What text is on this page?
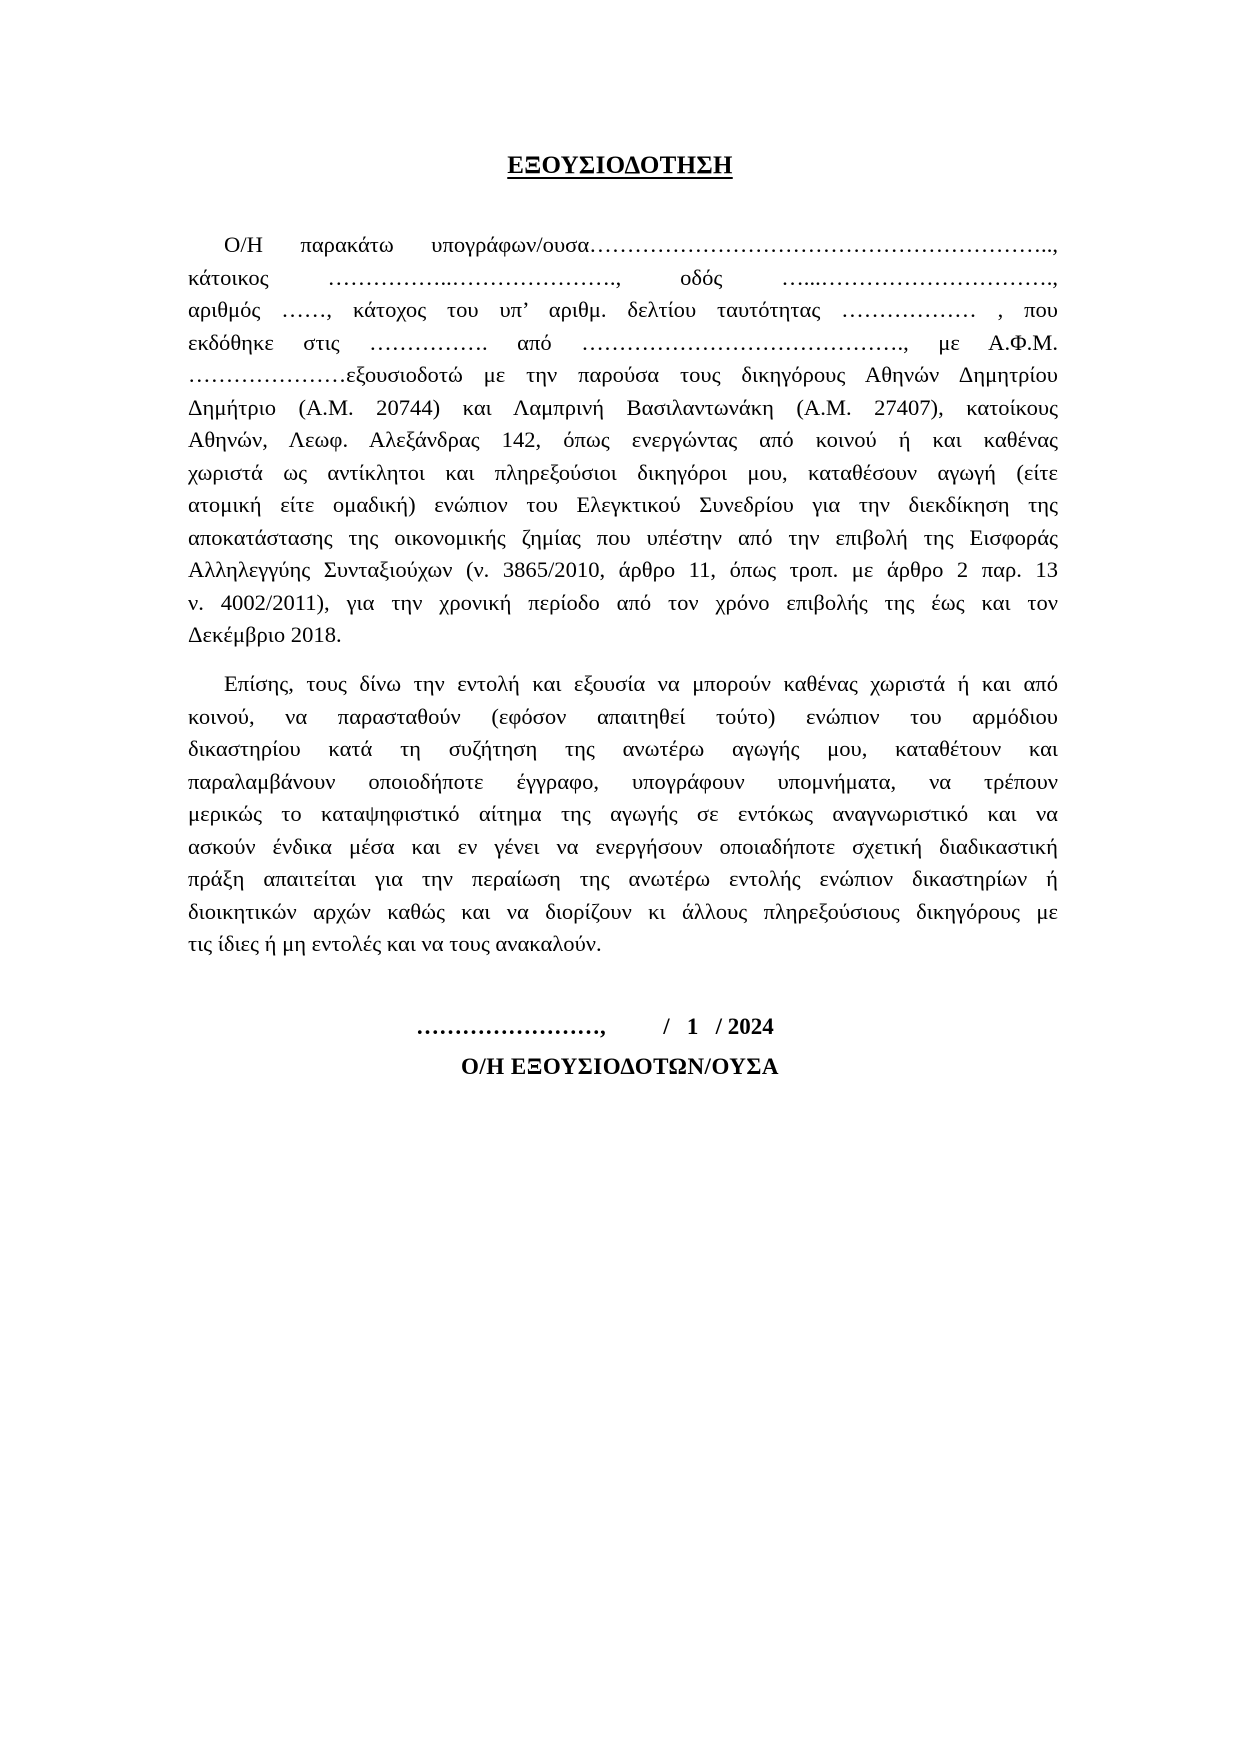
ΕΞΟΥΣΙΟΔΟΤΗΣΗ

Ο/Η παρακάτω υπογράφων/ουσα……………………………………………………..,
κάτοικος ……………..…………………., οδός …...………………………….,
αριθμός ……, κάτοχος του υπ’ αριθμ. δελτίου ταυτότητας ……………… , που
εκδόθηκε στις ……………. από ……………………………………., με Α.Φ.Μ.
…………………εξουσιοδοτώ με την παρούσα τους δικηγόρους Αθηνών Δημητρίου
Δημήτριο (Α.Μ. 20744) και Λαμπρινή Βασιλαντωνάκη (Α.Μ. 27407), κατοίκους
Αθηνών, Λεωφ. Αλεξάνδρας 142, όπως ενεργώντας από κοινού ή και καθένας
χωριστά ως αντίκλητοι και πληρεξούσιοι δικηγόροι μου, καταθέσουν αγωγή (είτε
ατομική είτε ομαδική) ενώπιον του Ελεγκτικού Συνεδρίου για την διεκδίκηση της
αποκατάστασης της οικονομικής ζημίας που υπέστην από την επιβολή της Εισφοράς
Αλληλεγγύης Συνταξιούχων (ν. 3865/2010, άρθρο 11, όπως τροπ. με άρθρο 2 παρ. 13
ν. 4002/2011), για την χρονική περίοδο από τον χρόνο επιβολής της έως και τον
Δεκέμβριο 2018.

Επίσης, τους δίνω την εντολή και εξουσία να μπορούν καθένας χωριστά ή και από
κοινού, να παρασταθούν (εφόσον απαιτηθεί τούτο) ενώπιον του αρμόδιου
δικαστηρίου κατά τη συζήτηση της ανωτέρω αγωγής μου, καταθέτουν και
παραλαμβάνουν οποιοδήποτε έγγραφο, υπογράφουν υπομνήματα, να τρέπουν
μερικώς το καταψηφιστικό αίτημα της αγωγής σε εντόκως αναγνωριστικό και να
ασκούν ένδικα μέσα και εν γένει να ενεργήσουν οποιαδήποτε σχετική διαδικαστική
πράξη απαιτείται για την περαίωση της ανωτέρω εντολής ενώπιον δικαστηρίων ή
διοικητικών αρχών καθώς και να διορίζουν κι άλλους πληρεξούσιους δικηγόρους με
τις ίδιες ή μη εντολές και να τους ανακαλούν.

……………………,          /   1   / 2024
Ο/Η ΕΞΟΥΣΙΟΔΟΤΩΝ/ΟΥΣΑ
